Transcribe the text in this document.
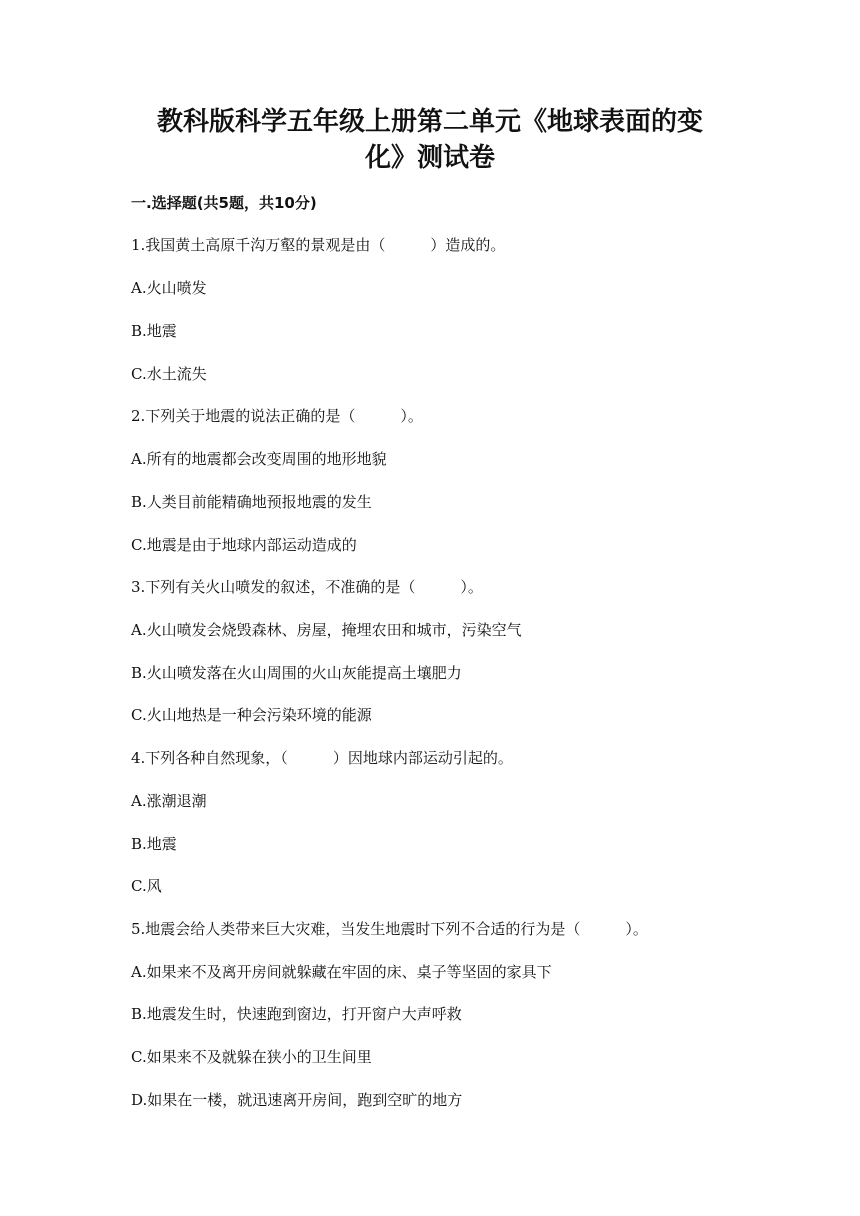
教科版科学五年级上册第二单元《地球表面的变
化》测试卷
一.选择题(共5题，共10分)
1.我国黄土高原千沟万壑的景观是由（　　　）造成的。
A.火山喷发
B.地震
C.水土流失
2.下列关于地震的说法正确的是（　　　）。
A.所有的地震都会改变周围的地形地貌
B.人类目前能精确地预报地震的发生
C.地震是由于地球内部运动造成的
3.下列有关火山喷发的叙述，不准确的是（　　　）。
A.火山喷发会烧毁森林、房屋，掩埋农田和城市，污染空气
B.火山喷发落在火山周围的火山灰能提高土壤肥力
C.火山地热是一种会污染环境的能源
4.下列各种自然现象，（　　　）因地球内部运动引起的。
A.涨潮退潮
B.地震
C.风
5.地震会给人类带来巨大灾难，当发生地震时下列不合适的行为是（　　　）。
A.如果来不及离开房间就躲藏在牢固的床、桌子等坚固的家具下
B.地震发生时，快速跑到窗边，打开窗户大声呼救
C.如果来不及就躲在狭小的卫生间里
D.如果在一楼，就迅速离开房间，跑到空旷的地方
